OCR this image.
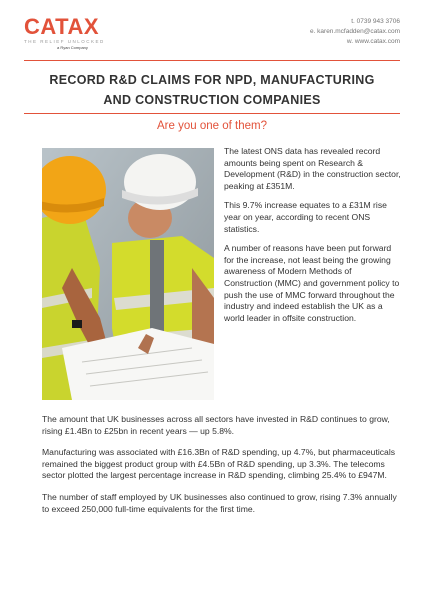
CATAX
THE RELIEF UNLOCKED
a Ryan Company
t. 0739 943 3706
e. karen.mcfadden@catax.com
w. www.catax.com
RECORD R&D CLAIMS FOR NPD, MANUFACTURING
AND CONSTRUCTION COMPANIES
Are you one of them?

The latest ONS data has revealed record amounts being spent on Research & Development (R&D) in the construction sector, peaking at £351M.

This 9.7% increase equates to a £31M rise year on year, according to recent ONS statistics.

A number of reasons have been put forward for the increase, not least being the growing awareness of Modern Methods of Construction (MMC) and government policy to push the use of MMC forward throughout the industry and indeed establish the UK as a world leader in offsite construction.

The amount that UK businesses across all sectors have invested in R&D continues to grow, rising £1.4Bn to £25bn in recent years — up 5.8%.

Manufacturing was associated with £16.3Bn of R&D spending, up 4.7%, but pharmaceuticals remained the biggest product group with £4.5Bn of R&D spending, up 3.3%. The telecoms sector plotted the largest percentage increase in R&D spending, climbing 25.4% to £947M.

The number of staff employed by UK businesses also continued to grow, rising 7.3% annually to exceed 250,000 full-time equivalents for the first time.
